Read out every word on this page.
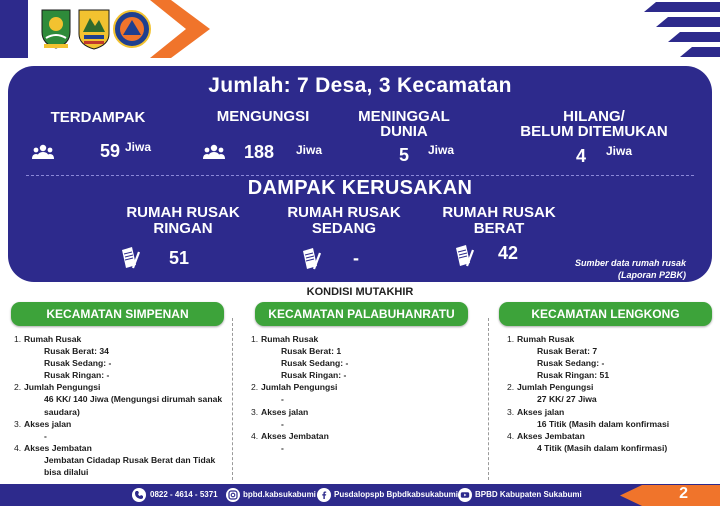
Jumlah: 7 Desa, 3 Kecamatan
TERDAMPAK
59 Jiwa
MENGUNGSI
188 Jiwa
MENINGGAL
DUNIA
5 Jiwa
HILANG/
BELUM DITEMUKAN
4 Jiwa
DAMPAK KERUSAKAN
RUMAH RUSAK
RINGAN
51
RUMAH RUSAK
SEDANG
-
RUMAH RUSAK
BERAT
42	Sumber data rumah rusak
(Laporan P2BK)
KONDISI MUTAKHIR
KECAMATAN SIMPENAN	KECAMATAN PALABUHANRATU	KECAMATAN LENGKONG
1. Rumah Rusak
Rusak Berat: 34
Rusak Sedang: -
Rusak Ringan: -
2. Jumlah Pengungsi
46 KK/ 140 Jiwa (Mengungsi dirumah sanak
saudara)
3. Akses jalan
-
4. Akses Jembatan
Jembatan Cidadap Rusak Berat dan Tidak
bisa dilalui
1. Rumah Rusak
Rusak Berat: 1
Rusak Sedang: -
Rusak Ringan: -
2. Jumlah Pengungsi
-
3. Akses jalan
-
4. Akses Jembatan
-
1. Rumah Rusak
Rusak Berat: 7
Rusak Sedang: -
Rusak Ringan: 51
2. Jumlah Pengungsi
27 KK/ 27 Jiwa
3. Akses jalan
16 Titik (Masih dalam konfirmasi
4. Akses Jembatan
4 Titik (Masih dalam konfirmasi)
0822 - 4614 - 5371	bpbd.kabsukabumi Pusdalopspb Bpbdkabsukabumi BPBD Kabupaten Sukabumi	2
